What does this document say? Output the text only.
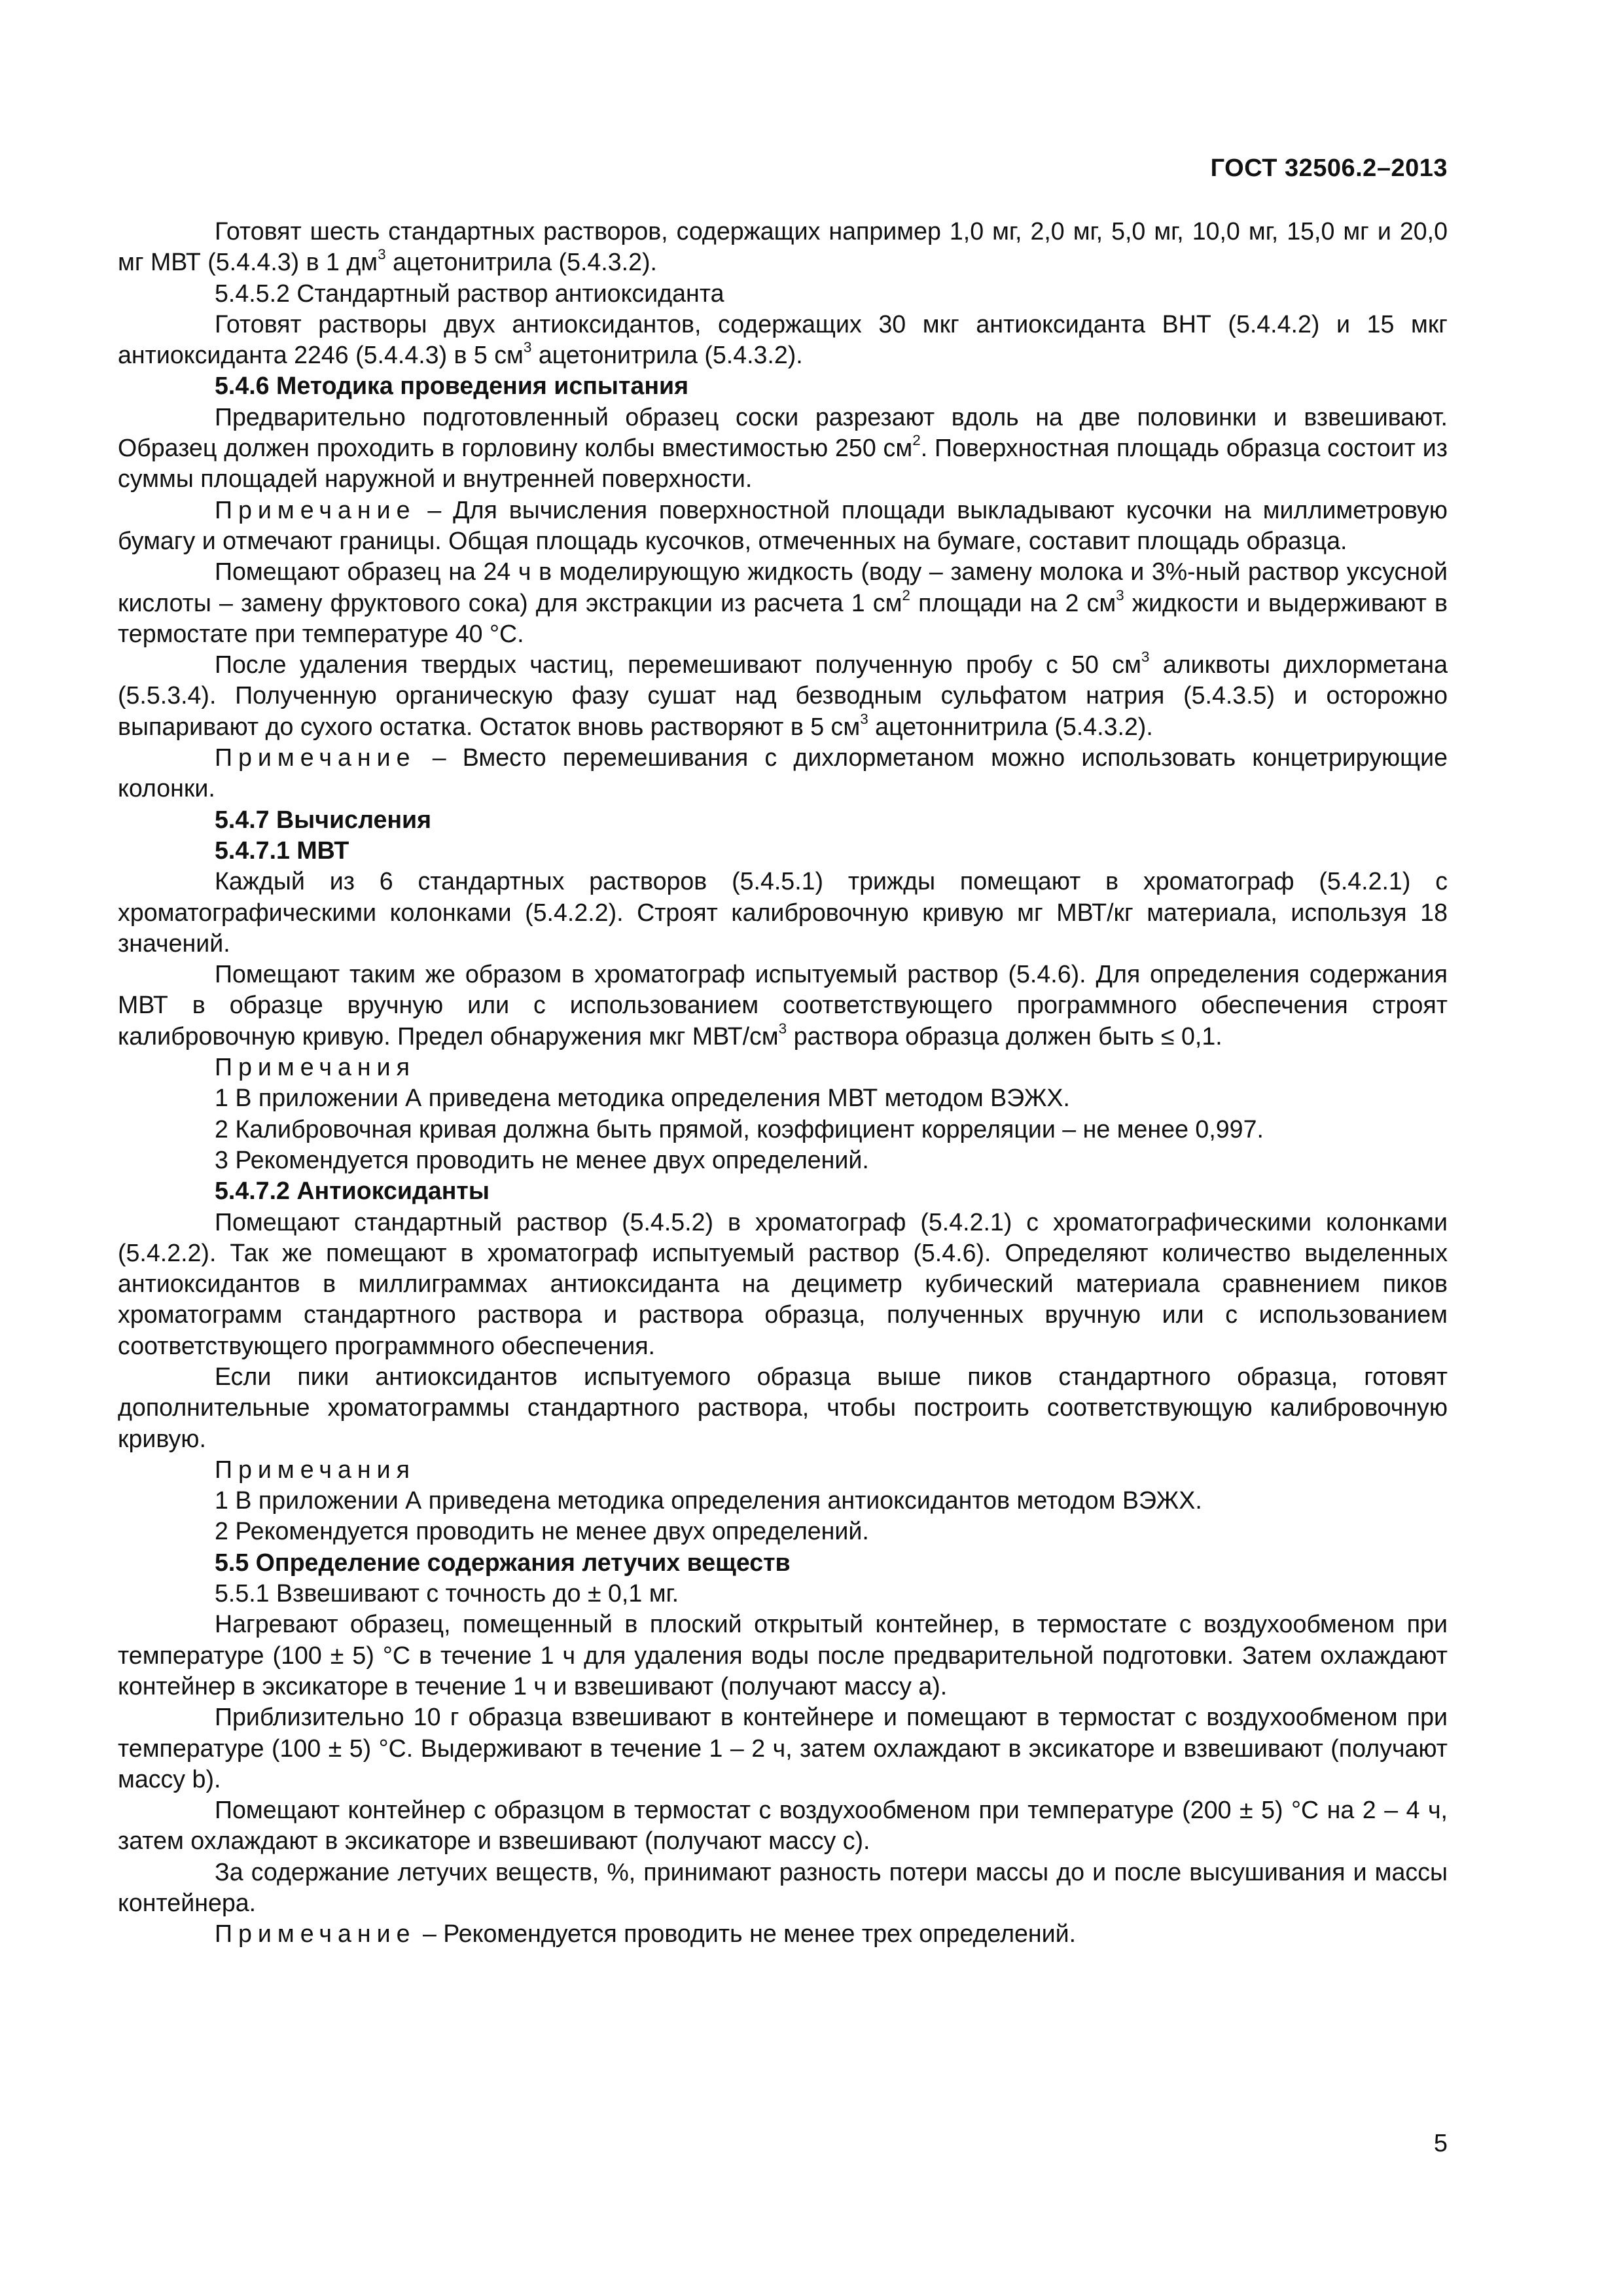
ГОСТ 32506.2–2013

Готовят шесть стандартных растворов, содержащих например 1,0 мг, 2,0 мг, 5,0 мг, 10,0 мг, 15,0 мг и 20,0 мг МВТ (5.4.4.3) в 1 $дм^3$ ацетонитрила (5.4.3.2).

5.4.5.2 Стандартный раствор антиоксиданта

Готовят растворы двух антиоксидантов, содержащих 30 мкг антиоксиданта ВНТ (5.4.4.2) и 15 мкг антиоксиданта 2246 (5.4.4.3) в 5 $см^3$ ацетонитрила (5.4.3.2).

5.4.6 Методика проведения испытания

Предварительно подготовленный образец соски разрезают вдоль на две половинки и взвешивают. Образец должен проходить в горловину колбы вместимостью 250 $см^2$. Поверхностная площадь образца состоит из суммы площадей наружной и внутренней поверхности.

Примечание – Для вычисления поверхностной площади выкладывают кусочки на миллиметровую бумагу и отмечают границы. Общая площадь кусочков, отмеченных на бумаге, составит площадь образца.

Помещают образец на 24 ч в моделирующую жидкость (воду – замену молока и 3%-ный раствор уксусной кислоты – замену фруктового сока) для экстракции из расчета 1 $см^2$ площади на 2 $см^3$ жидкости и выдерживают в термостате при температуре 40 °С.

После удаления твердых частиц, перемешивают полученную пробу с 50 $см^3$ аликвоты дихлорметана (5.5.3.4). Полученную органическую фазу сушат над безводным сульфатом натрия (5.4.3.5) и осторожно выпаривают до сухого остатка. Остаток вновь растворяют в 5 $см^3$ ацетоннитрила (5.4.3.2).

Примечание – Вместо перемешивания с дихлорметаном можно использовать концетрирующие колонки.

5.4.7 Вычисления

5.4.7.1 МВТ

Каждый из 6 стандартных растворов (5.4.5.1) трижды помещают в хроматограф (5.4.2.1) с хроматографическими колонками (5.4.2.2). Строят калибровочную кривую мг МВТ/кг материала, используя 18 значений.

Помещают таким же образом в хроматограф испытуемый раствор (5.4.6). Для определения содержания МВТ в образце вручную или с использованием соответствующего программного обеспечения строят калибровочную кривую. Предел обнаружения мкг МВТ/$см^3$ раствора образца должен быть ≤ 0,1.

Примечания

1 В приложении А приведена методика определения МВТ методом ВЭЖХ.

2 Калибровочная кривая должна быть прямой, коэффициент корреляции – не менее 0,997.

3 Рекомендуется проводить не менее двух определений.

5.4.7.2 Антиоксиданты

Помещают стандартный раствор (5.4.5.2) в хроматограф (5.4.2.1) с хроматографическими колонками (5.4.2.2). Так же помещают в хроматограф испытуемый раствор (5.4.6). Определяют количество выделенных антиоксидантов в миллиграммах антиоксиданта на дециметр кубический материала сравнением пиков хроматограмм стандартного раствора и раствора образца, полученных вручную или с использованием соответствующего программного обеспечения.

Если пики антиоксидантов испытуемого образца выше пиков стандартного образца, готовят дополнительные хроматограммы стандартного раствора, чтобы построить соответствующую калибровочную кривую.

Примечания

1 В приложении А приведена методика определения антиоксидантов методом ВЭЖХ.

2 Рекомендуется проводить не менее двух определений.

5.5 Определение содержания летучих веществ

5.5.1 Взвешивают с точность до ± 0,1 мг.

Нагревают образец, помещенный в плоский открытый контейнер, в термостате с воздухообменом при температуре (100 ± 5) °С в течение 1 ч для удаления воды после предварительной подготовки. Затем охлаждают контейнер в эксикаторе в течение 1 ч и взвешивают (получают массу а).

Приблизительно 10 г образца взвешивают в контейнере и помещают в термостат с воздухообменом при температуре (100 ± 5) °С. Выдерживают в течение 1 – 2 ч, затем охлаждают в эксикаторе и взвешивают (получают массу b).

Помещают контейнер с образцом в термостат с воздухообменом при температуре (200 ± 5) °С на 2 – 4 ч, затем охлаждают в эксикаторе и взвешивают (получают массу с).

За содержание летучих веществ, %, принимают разность потери массы до и после высушивания и массы контейнера.

Примечание – Рекомендуется проводить не менее трех определений.

5
